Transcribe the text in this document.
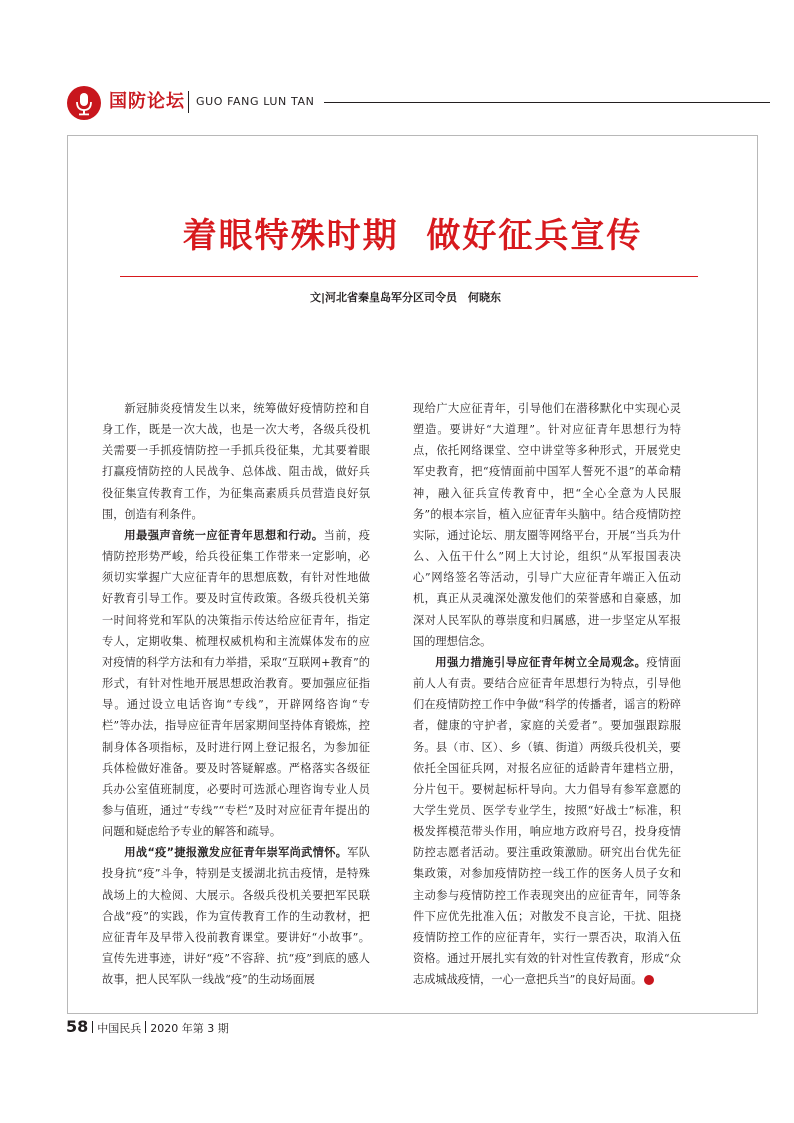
国防论坛 GUO FANG LUN TAN
着眼特殊时期  做好征兵宣传
文|河北省秦皇岛军分区司令员　何晓东

新冠肺炎疫情发生以来，统筹做好疫情防控和自身工作，既是一次大战，也是一次大考，各级兵役机关需要一手抓疫情防控一手抓兵役征集，尤其要着眼打赢疫情防控的人民战争、总体战、阻击战，做好兵役征集宣传教育工作，为征集高素质兵员营造良好氛围，创造有利条件。

用最强声音统一应征青年思想和行动。当前，疫情防控形势严峻，给兵役征集工作带来一定影响，必须切实掌握广大应征青年的思想底数，有针对性地做好教育引导工作。要及时宣传政策。各级兵役机关第一时间将党和军队的决策指示传达给应征青年，指定专人，定期收集、梳理权威机构和主流媒体发布的应对疫情的科学方法和有力举措，采取“互联网+教育”的形式，有针对性地开展思想政治教育。要加强应征指导。通过设立电话咨询“专线”，开辟网络咨询“专栏”等办法，指导应征青年居家期间坚持体育锻炼，控制身体各项指标，及时进行网上登记报名，为参加征兵体检做好准备。要及时答疑解惑。严格落实各级征兵办公室值班制度，必要时可选派心理咨询专业人员参与值班，通过“专线”“专栏”及时对应征青年提出的问题和疑虑给予专业的解答和疏导。

用战“疫”捷报激发应征青年崇军尚武情怀。军队投身抗“疫”斗争，特别是支援湖北抗击疫情，是特殊战场上的大检阅、大展示。各级兵役机关要把军民联合战“疫”的实践，作为宣传教育工作的生动教材，把应征青年及早带入役前教育课堂。要讲好“小故事”。宣传先进事迹，讲好“疫”不容辞、抗“疫”到底的感人故事，把人民军队一线战“疫”的生动场面展

现给广大应征青年，引导他们在潜移默化中实现心灵塑造。要讲好“大道理”。针对应征青年思想行为特点，依托网络课堂、空中讲堂等多种形式，开展党史军史教育，把“疫情面前中国军人誓死不退”的革命精神，融入征兵宣传教育中，把“全心全意为人民服务”的根本宗旨，植入应征青年头脑中。结合疫情防控实际，通过论坛、朋友圈等网络平台，开展“当兵为什么、入伍干什么”网上大讨论，组织“从军报国表决心”网络签名等活动，引导广大应征青年端正入伍动机，真正从灵魂深处激发他们的荣誉感和自豪感，加深对人民军队的尊崇度和归属感，进一步坚定从军报国的理想信念。

用强力措施引导应征青年树立全局观念。疫情面前人人有责。要结合应征青年思想行为特点，引导他们在疫情防控工作中争做“科学的传播者，谣言的粉碎者，健康的守护者，家庭的关爱者”。要加强跟踪服务。县（市、区）、乡（镇、街道）两级兵役机关，要依托全国征兵网，对报名应征的适龄青年建档立册，分片包干。要树起标杆导向。大力倡导有参军意愿的大学生党员、医学专业学生，按照“好战士”标准，积极发挥模范带头作用，响应地方政府号召，投身疫情防控志愿者活动。要注重政策激励。研究出台优先征集政策，对参加疫情防控一线工作的医务人员子女和主动参与疫情防控工作表现突出的应征青年，同等条件下应优先批准入伍；对散发不良言论，干扰、阻挠疫情防控工作的应征青年，实行一票否决，取消入伍资格。通过开展扎实有效的针对性宣传教育，形成“众志成城战疫情，一心一意把兵当”的良好局面。	♥

58 中国民兵 2020 年第 3 期
